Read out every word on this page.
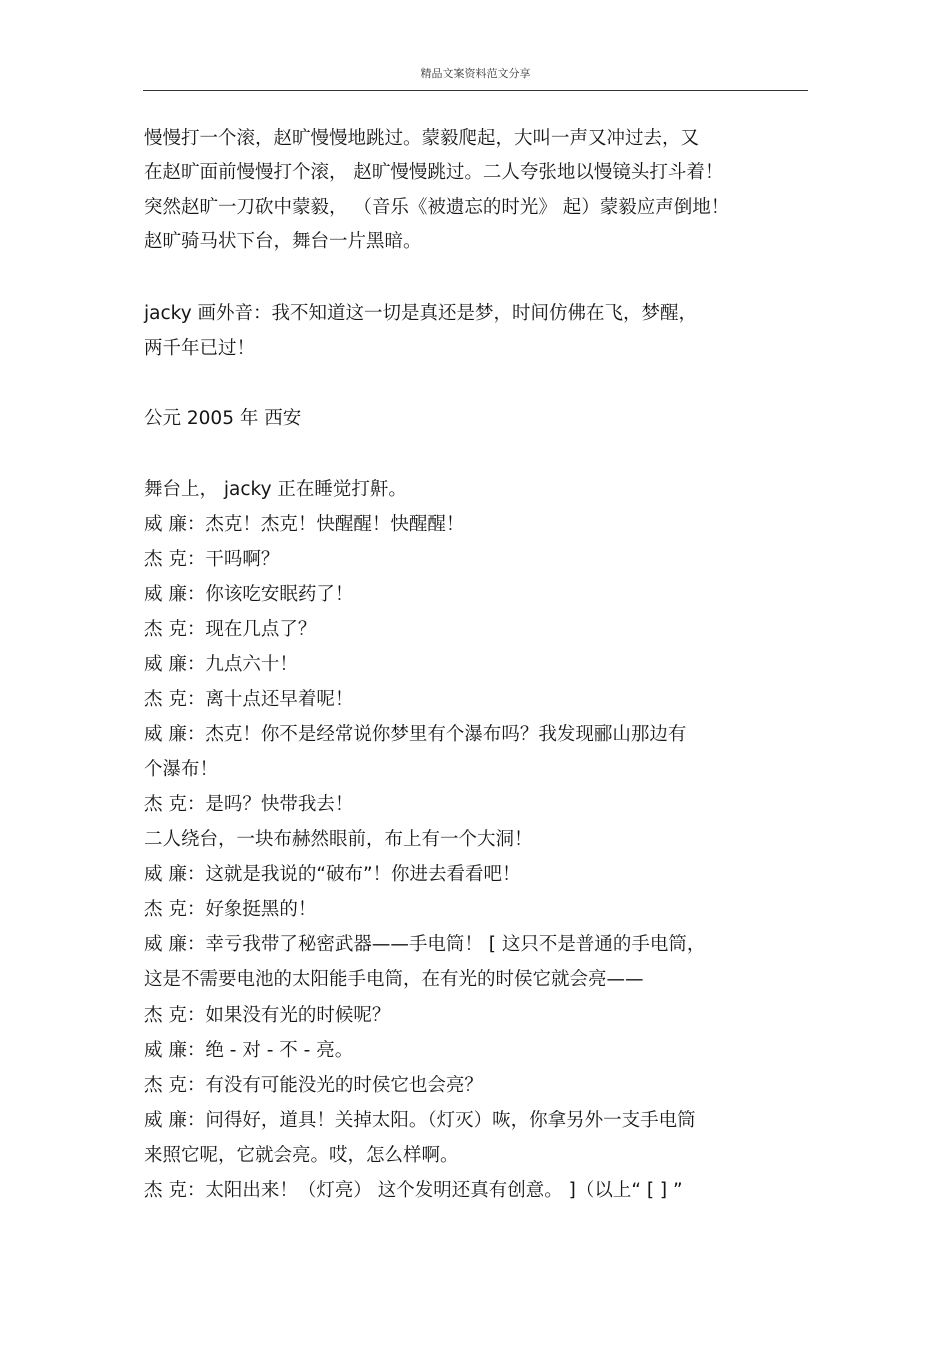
精品文案资料范文分享
慢慢打一个滚，赵旷慢慢地跳过。蒙毅爬起，大叫一声又冲过去，又
在赵旷面前慢慢打个滚， 赵旷慢慢跳过。二人夸张地以慢镜头打斗着！
突然赵旷一刀砍中蒙毅， （音乐《被遗忘的时光》 起）蒙毅应声倒地！
赵旷骑马状下台，舞台一片黑暗。
jacky 画外音：我不知道这一切是真还是梦，时间仿佛在飞，梦醒，
两千年已过！
公元 2005 年 西安
舞台上， jacky 正在睡觉打鼾。
威 廉：杰克！杰克！快醒醒！快醒醒！
杰 克：干吗啊？
威 廉：你该吃安眠药了！
杰 克：现在几点了？
威 廉：九点六十！
杰 克：离十点还早着呢！
威 廉：杰克！你不是经常说你梦里有个瀑布吗？我发现郦山那边有
个瀑布！
杰 克：是吗？快带我去！
二人绕台，一块布赫然眼前，布上有一个大洞！
威 廉：这就是我说的“破布”！你进去看看吧！
杰 克：好象挺黑的！
威 廉：幸亏我带了秘密武器——手电筒！ [ 这只不是普通的手电筒，
这是不需要电池的太阳能手电筒，在有光的时侯它就会亮——
杰 克：如果没有光的时候呢？
威 廉：绝 - 对 - 不 - 亮。
杰 克：有没有可能没光的时侯它也会亮？
威 廉：问得好，道具！关掉太阳。（灯灭）咴，你拿另外一支手电筒
来照它呢，它就会亮。哎，怎么样啊。
杰 克：太阳出来！（灯亮） 这个发明还真有创意。 ]（以上“ [ ] ”
